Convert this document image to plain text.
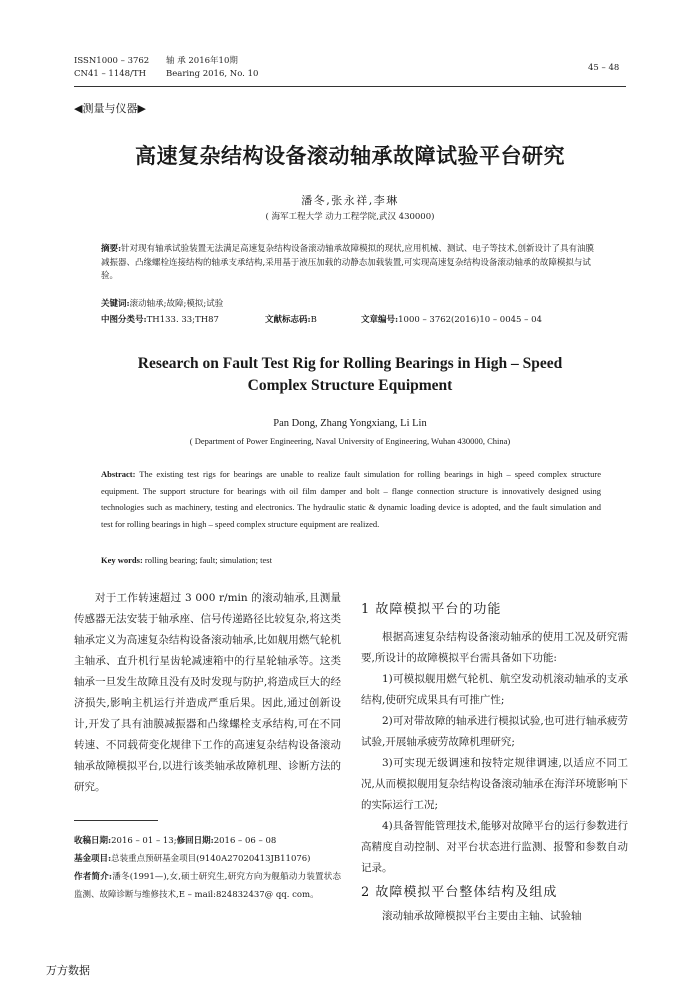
ISSN1000 – 3762 轴 承 2016年10期
CN41 – 1148/TH Bearing 2016, No. 10
45 – 48
◀测量与仪器▶
高速复杂结构设备滚动轴承故障试验平台研究
潘冬,张永祥,李琳
( 海军工程大学 动力工程学院,武汉 430000)
摘要:针对现有轴承试验装置无法满足高速复杂结构设备滚动轴承故障模拟的现状,应用机械、测试、电子等技术,创新设计了具有油膜减振器、凸缘螺栓连接结构的轴承支承结构,采用基于液压加载的动静态加载装置,可实现高速复杂结构设备滚动轴承的故障模拟与试验。
关键词:滚动轴承;故障;模拟;试验
中图分类号:TH133. 33;TH87	文献标志码:B	文章编号:1000 – 3762(2016)10 – 0045 – 04
Research on Fault Test Rig for Rolling Bearings in High – Speed
Complex Structure Equipment
Pan Dong, Zhang Yongxiang, Li Lin
( Department of Power Engineering, Naval University of Engineering, Wuhan 430000, China)
Abstract: The existing test rigs for bearings are unable to realize fault simulation for rolling bearings in high – speed complex structure equipment. The support structure for bearings with oil film damper and bolt – flange connection structure is innovatively designed using technologies such as machinery, testing and electronics. The hydraulic static & dynamic loading device is adopted, and the fault simulation and test for rolling bearings in high – speed complex structure equipment are realized.
Key words: rolling bearing; fault; simulation; test

对于工作转速超过 3 000 r/min 的滚动轴承,且测量传感器无法安装于轴承座、信号传递路径比较复杂,将这类轴承定义为高速复杂结构设备滚动轴承,比如舰用燃气轮机主轴承、直升机行星齿轮减速箱中的行星轮轴承等。这类轴承一旦发生故障且没有及时发现与防护,将造成巨大的经济损失,影响主机运行并造成严重后果。因此,通过创新设计,开发了具有油膜减振器和凸缘螺栓支承结构,可在不同转速、不同载荷变化规律下工作的高速复杂结构设备滚动轴承故障模拟平台,以进行该类轴承故障机理、诊断方法的研究。

收稿日期:2016 – 01 – 13;修回日期:2016 – 06 – 08
基金项目:总装重点预研基金项目(9140A27020413JB11076)
作者简介:潘冬(1991—),女,硕士研究生,研究方向为舰船动力装置状态监测、故障诊断与维修技术,E – mail:824832437@ qq. com。
1 故障模拟平台的功能

根据高速复杂结构设备滚动轴承的使用工况及研究需要,所设计的故障模拟平台需具备如下功能:

1)可模拟舰用燃气轮机、航空发动机滚动轴承的支承结构,使研究成果具有可推广性;

2)可对带故障的轴承进行模拟试验,也可进行轴承疲劳试验,开展轴承疲劳故障机理研究;

3)可实现无级调速和按特定规律调速,以适应不同工况,从而模拟舰用复杂结构设备滚动轴承在海洋环境影响下的实际运行工况;

4)具备智能管理技术,能够对故障平台的运行参数进行高精度自动控制、对平台状态进行监测、报警和参数自动记录。

2 故障模拟平台整体结构及组成

滚动轴承故障模拟平台主要由主轴、试验轴

万方数据
